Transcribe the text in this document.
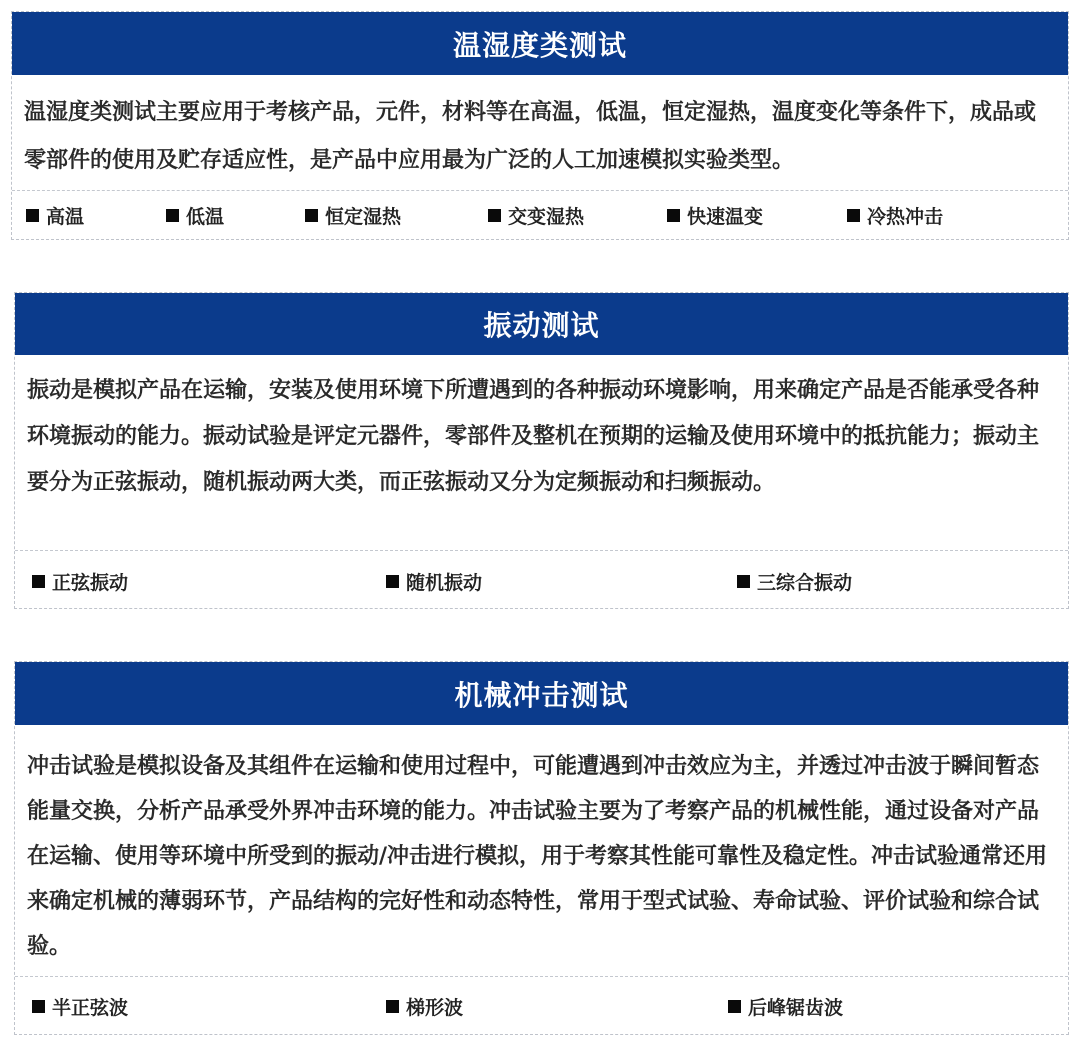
温湿度类测试

温湿度类测试主要应用于考核产品，元件，材料等在高温，低温，恒定湿热，温度变化等条件下，成品或零部件的使用及贮存适应性，是产品中应用最为广泛的人工加速模拟实验类型。

高温	低温	恒定湿热	交变湿热	快速温变	冷热冲击
振动测试

振动是模拟产品在运输，安装及使用环境下所遭遇到的各种振动环境影响，用来确定产品是否能承受各种环境振动的能力。振动试验是评定元器件，零部件及整机在预期的运输及使用环境中的抵抗能力；振动主要分为正弦振动，随机振动两大类，而正弦振动又分为定频振动和扫频振动。

正弦振动	随机振动	三综合振动
机械冲击测试

冲击试验是模拟设备及其组件在运输和使用过程中，可能遭遇到冲击效应为主，并透过冲击波于瞬间暂态能量交换，分析产品承受外界冲击环境的能力。冲击试验主要为了考察产品的机械性能，通过设备对产品在运输、使用等环境中所受到的振动/冲击进行模拟，用于考察其性能可靠性及稳定性。冲击试验通常还用来确定机械的薄弱环节，产品结构的完好性和动态特性，常用于型式试验、寿命试验、评价试验和综合试验。

半正弦波	梯形波	后峰锯齿波
